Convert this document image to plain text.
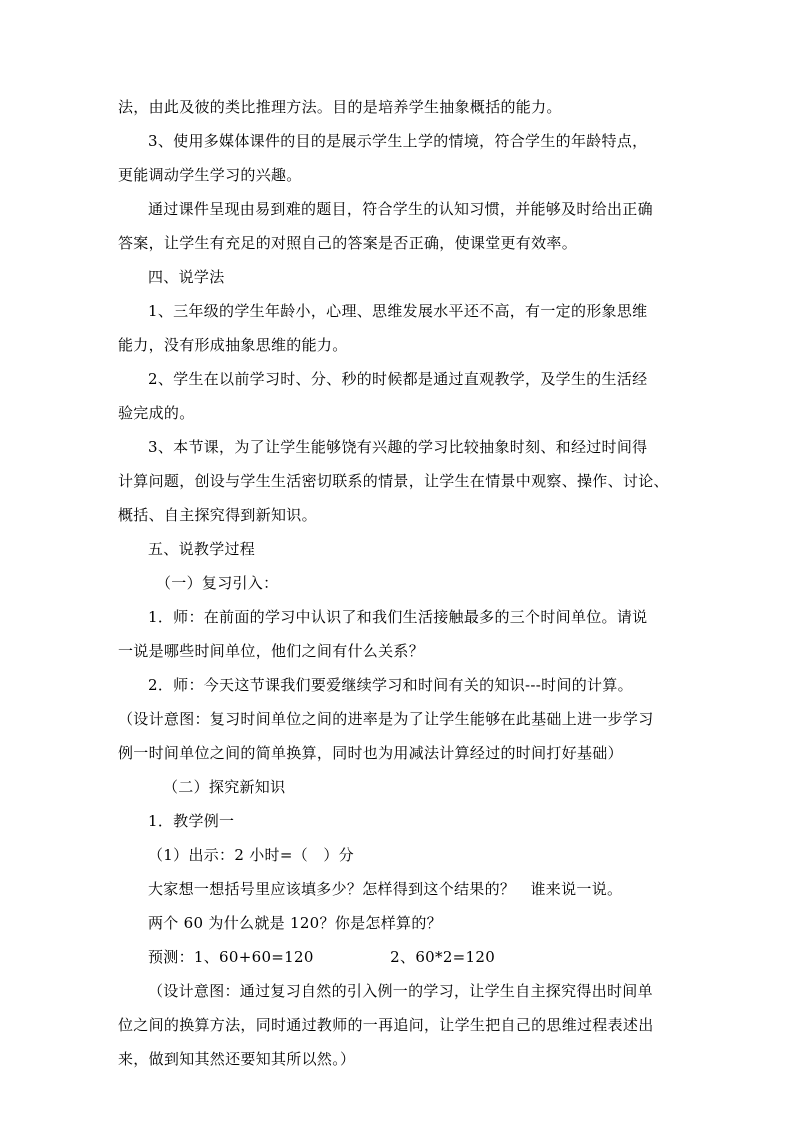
法，由此及彼的类比推理方法。目的是培养学生抽象概括的能力。
3、使用多媒体课件的目的是展示学生上学的情境，符合学生的年龄特点，
更能调动学生学习的兴趣。
通过课件呈现由易到难的题目，符合学生的认知习惯，并能够及时给出正确
答案，让学生有充足的对照自己的答案是否正确，使课堂更有效率。
四、说学法
1、三年级的学生年龄小，心理、思维发展水平还不高，有一定的形象思维
能力，没有形成抽象思维的能力。
2、学生在以前学习时、分、秒的时候都是通过直观教学，及学生的生活经
验完成的。
3、本节课，为了让学生能够饶有兴趣的学习比较抽象时刻、和经过时间得
计算问题，创设与学生生活密切联系的情景，让学生在情景中观察、操作、讨论、
概括、自主探究得到新知识。
五、说教学过程
（一）复习引入：
1．师：在前面的学习中认识了和我们生活接触最多的三个时间单位。请说
一说是哪些时间单位，他们之间有什么关系？
2．师：今天这节课我们要爱继续学习和时间有关的知识---时间的计算。
（设计意图：复习时间单位之间的进率是为了让学生能够在此基础上进一步学习
例一时间单位之间的简单换算，同时也为用减法计算经过的时间打好基础）
（二）探究新知识
1．教学例一
（1）出示：2 小时=（　）分
大家想一想括号里应该填多少？怎样得到这个结果的？　谁来说一说。
两个 60 为什么就是 120？你是怎样算的？
预测：1、60+60=120　　　　　2、60*2=120
（设计意图：通过复习自然的引入例一的学习，让学生自主探究得出时间单
位之间的换算方法，同时通过教师的一再追问，让学生把自己的思维过程表述出
来，做到知其然还要知其所以然。）
